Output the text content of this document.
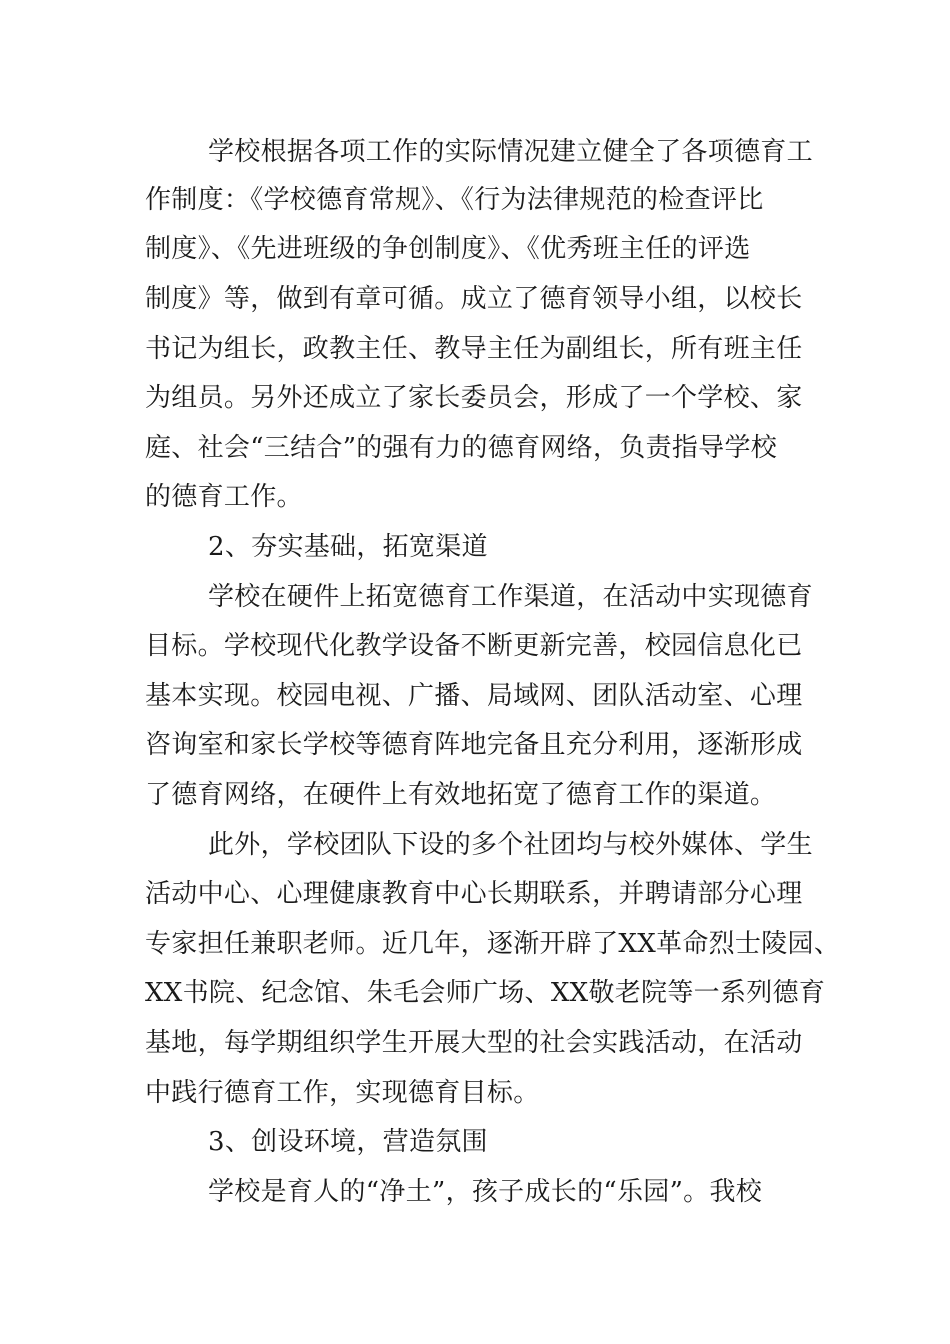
学校根据各项工作的实际情况建立健全了各项德育工
作制度：《学校德育常规》、《行为法律规范的检查评比
制度》、《先进班级的争创制度》、《优秀班主任的评选
制度》等，做到有章可循。成立了德育领导小组，以校长
书记为组长，政教主任、教导主任为副组长，所有班主任
为组员。另外还成立了家长委员会，形成了一个学校、家
庭、社会“三结合”的强有力的德育网络，负责指导学校
的德育工作。
2、夯实基础，拓宽渠道
学校在硬件上拓宽德育工作渠道，在活动中实现德育
目标。学校现代化教学设备不断更新完善，校园信息化已
基本实现。校园电视、广播、局域网、团队活动室、心理
咨询室和家长学校等德育阵地完备且充分利用，逐渐形成
了德育网络，在硬件上有效地拓宽了德育工作的渠道。
此外，学校团队下设的多个社团均与校外媒体、学生
活动中心、心理健康教育中心长期联系，并聘请部分心理
专家担任兼职老师。近几年，逐渐开辟了XX革命烈士陵园、
XX书院、纪念馆、朱毛会师广场、XX敬老院等一系列德育
基地，每学期组织学生开展大型的社会实践活动，在活动
中践行德育工作，实现德育目标。
3、创设环境，营造氛围
学校是育人的“净土”，孩子成长的“乐园”。我校
